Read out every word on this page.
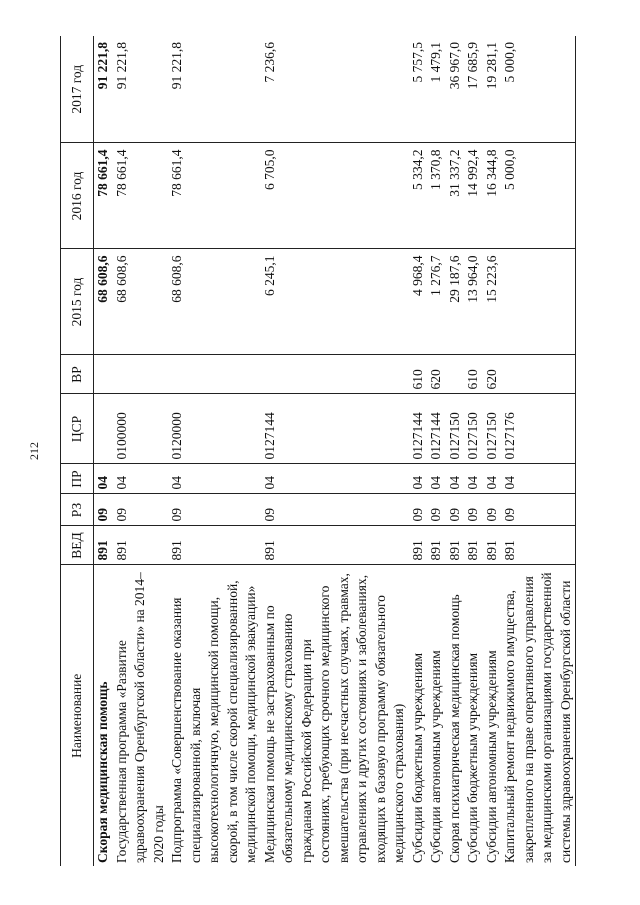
212
Наименование	ВЕД	РЗ	ПР	ЦСР	ВР	2015 год	2016 год	2017 год
Скорая медицинская помощь	891	09	04			68 608,6	78 661,4	91 221,8
Государственная программа «Развитие здравоохранения Оренбургской области» на 2014–2020 годы	891	09	04	0100000		68 608,6	78 661,4	91 221,8
Подпрограмма «Совершенствование оказания специализированной, включая высокотехнологичную, медицинской помощи, скорой, в том числе скорой специализированной, медицинской помощи, медицинской эвакуации»	891	09	04	0120000		68 608,6	78 661,4	91 221,8
Медицинская помощь не застрахованным по обязательному медицинскому страхованию гражданам Российской Федерации при состояниях, требующих срочного медицинского вмешательства (при несчастных случаях, травмах, отравлениях и других состояниях и заболеваниях, входящих в базовую программу обязательного медицинского страхования)	891	09	04	0127144		6 245,1	6 705,0	7 236,6
Субсидии бюджетным учреждениям	891	09	04	0127144	610	4 968,4	5 334,2	5 757,5
Субсидии автономным учреждениям	891	09	04	0127144	620	1 276,7	1 370,8	1 479,1
Скорая психиатрическая медицинская помощь	891	09	04	0127150		29 187,6	31 337,2	36 967,0
Субсидии бюджетным учреждениям	891	09	04	0127150	610	13 964,0	14 992,4	17 685,9
Субсидии автономным учреждениям	891	09	04	0127150	620	15 223,6	16 344,8	19 281,1
Капитальный ремонт недвижимого имущества, закрепленного на праве оперативного управления за медицинскими организациями государственной системы здравоохранения Оренбургской области	891	09	04	0127176			5 000,0	5 000,0
